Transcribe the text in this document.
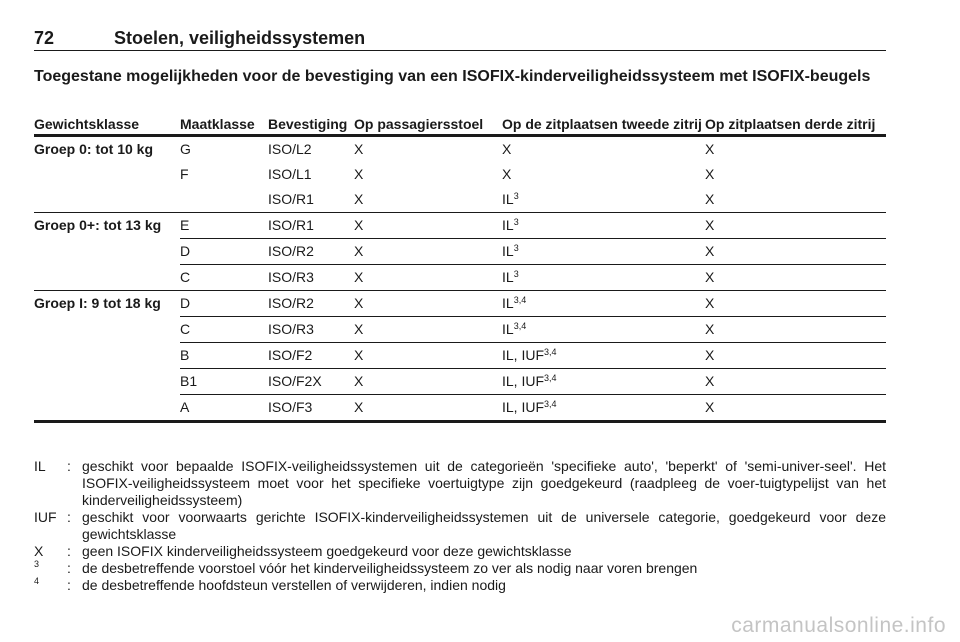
72	Stoelen, veiligheidssystemen
Toegestane mogelijkheden voor de bevestiging van een ISOFIX-kinderveiligheidssysteem met ISOFIX-beugels
Gewichtsklasse	Maatklasse	Bevestiging	Op passagiersstoel	Op de zitplaatsen tweede zitrij	Op zitplaatsen derde zitrij
Groep 0: tot 10 kg	G	ISO/L2	X	X	X
	F	ISO/L1	X	X	X
		ISO/R1	X	$IL^3$	X
Groep 0+: tot 13 kg	E	ISO/R1	X	$IL^3$	X
	D	ISO/R2	X	$IL^3$	X
	C	ISO/R3	X	$IL^3$	X
Groep I: 9 tot 18 kg	D	ISO/R2	X	IL$^{3,4}$	X
	C	ISO/R3	X	IL$^{3,4}$	X
	B	ISO/F2	X	IL, IUF$^{3,4}$	X
	B1	ISO/F2X	X	IL, IUF$^{3,4}$	X
	A	ISO/F3	X	IL, IUF$^{3,4}$	X
IL : geschikt voor bepaalde ISOFIX-veiligheidssystemen uit de categorieën 'specifieke auto', 'beperkt' of 'semi-univer-seel'. Het ISOFIX-veiligheidssysteem moet voor het specifieke voertuigtype zijn goedgekeurd (raadpleeg de voer-tuigtypelijst van het kinderveiligheidssysteem)
IUF : geschikt voor voorwaarts gerichte ISOFIX-kinderveiligheidssystemen uit de universele categorie, goedgekeurd voor deze gewichtsklasse
X : geen ISOFIX kinderveiligheidssysteem goedgekeurd voor deze gewichtsklasse
$^3$ : de desbetreffende voorstoel vóór het kinderveiligheidssysteem zo ver als nodig naar voren brengen
$^4$ : de desbetreffende hoofdsteun verstellen of verwijderen, indien nodig
carmanualsonline.info
